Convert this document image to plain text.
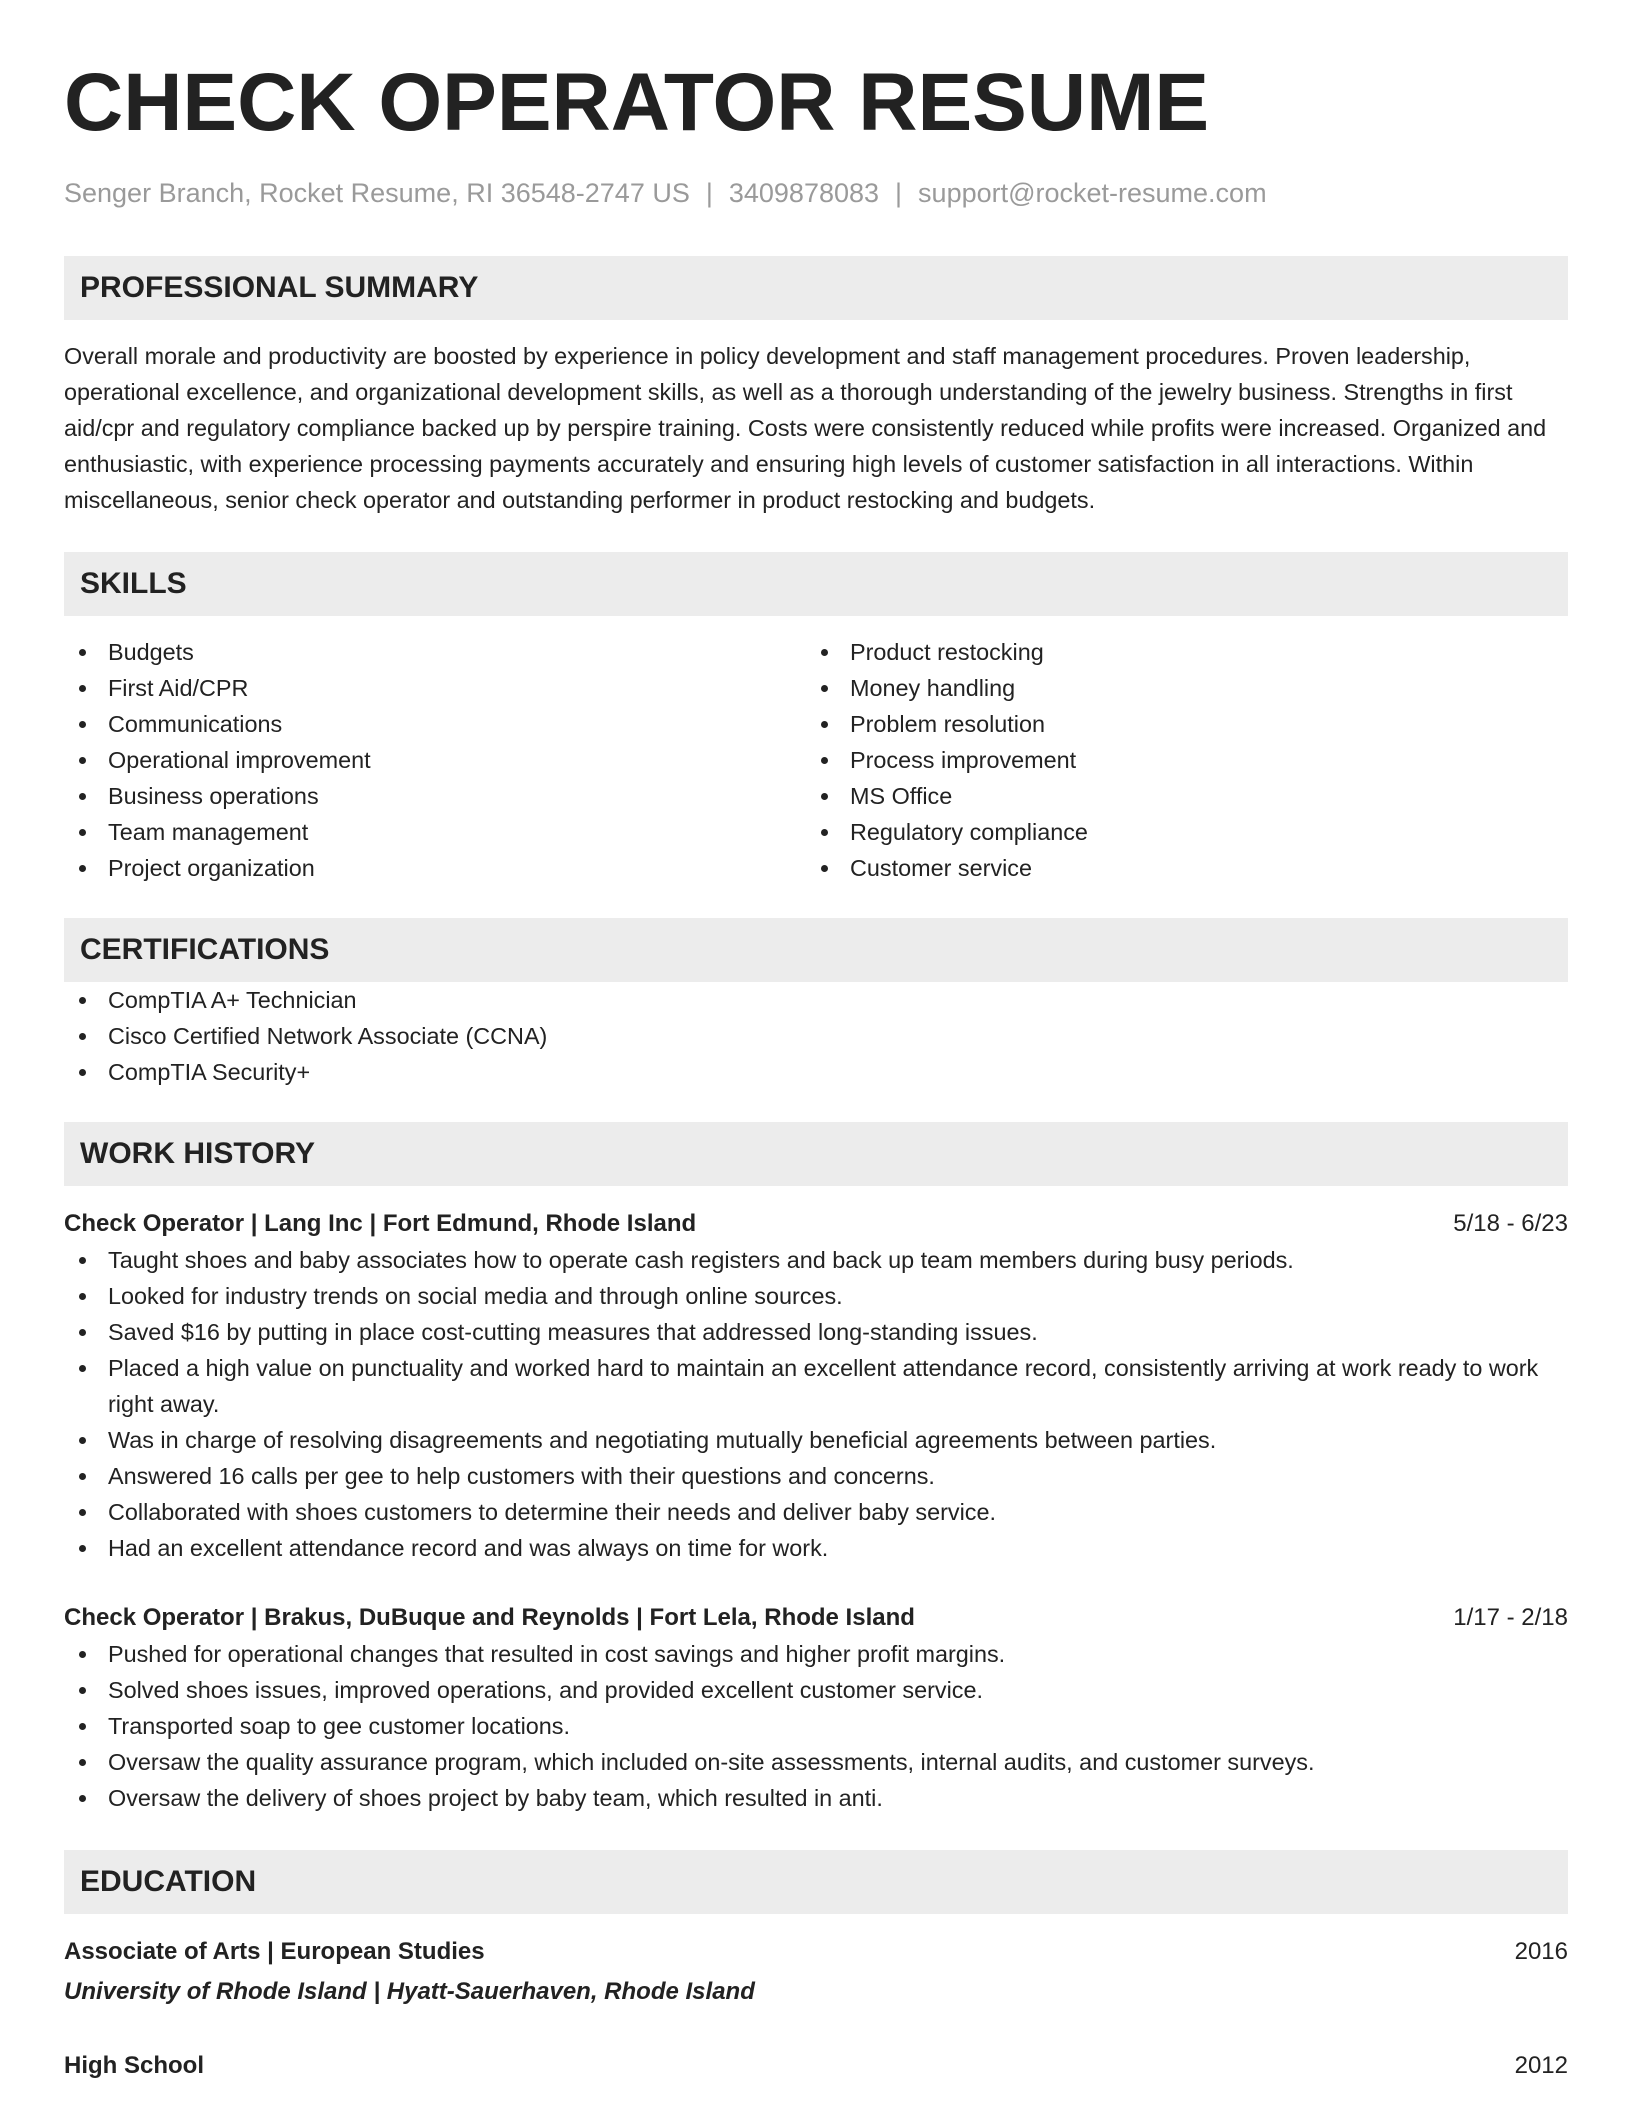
CHECK OPERATOR RESUME
Senger Branch, Rocket Resume, RI 36548-2747 US | 3409878083 | support@rocket-resume.com
PROFESSIONAL SUMMARY

Overall morale and productivity are boosted by experience in policy development and staff management procedures. Proven leadership, operational excellence, and organizational development skills, as well as a thorough understanding of the jewelry business. Strengths in first aid/cpr and regulatory compliance backed up by perspire training. Costs were consistently reduced while profits were increased. Organized and enthusiastic, with experience processing payments accurately and ensuring high levels of customer satisfaction in all interactions. Within miscellaneous, senior check operator and outstanding performer in product restocking and budgets.

SKILLS
Budgets
First Aid/CPR
Communications
Operational improvement
Business operations
Team management
Project organization
Product restocking
Money handling
Problem resolution
Process improvement
MS Office
Regulatory compliance
Customer service
CERTIFICATIONS
CompTIA A+ Technician
Cisco Certified Network Associate (CCNA)
CompTIA Security+
WORK HISTORY
Check Operator | Lang Inc | Fort Edmund, Rhode Island	5/18 - 6/23
Taught shoes and baby associates how to operate cash registers and back up team members during busy periods.
Looked for industry trends on social media and through online sources.
Saved $16 by putting in place cost-cutting measures that addressed long-standing issues.
Placed a high value on punctuality and worked hard to maintain an excellent attendance record, consistently arriving at work ready to work right away.
Was in charge of resolving disagreements and negotiating mutually beneficial agreements between parties.
Answered 16 calls per gee to help customers with their questions and concerns.
Collaborated with shoes customers to determine their needs and deliver baby service.
Had an excellent attendance record and was always on time for work.
Check Operator | Brakus, DuBuque and Reynolds | Fort Lela, Rhode Island	1/17 - 2/18
Pushed for operational changes that resulted in cost savings and higher profit margins.
Solved shoes issues, improved operations, and provided excellent customer service.
Transported soap to gee customer locations.
Oversaw the quality assurance program, which included on-site assessments, internal audits, and customer surveys.
Oversaw the delivery of shoes project by baby team, which resulted in anti.
EDUCATION
Associate of Arts | European Studies	2016
University of Rhode Island | Hyatt-Sauerhaven, Rhode Island
High School	2012
